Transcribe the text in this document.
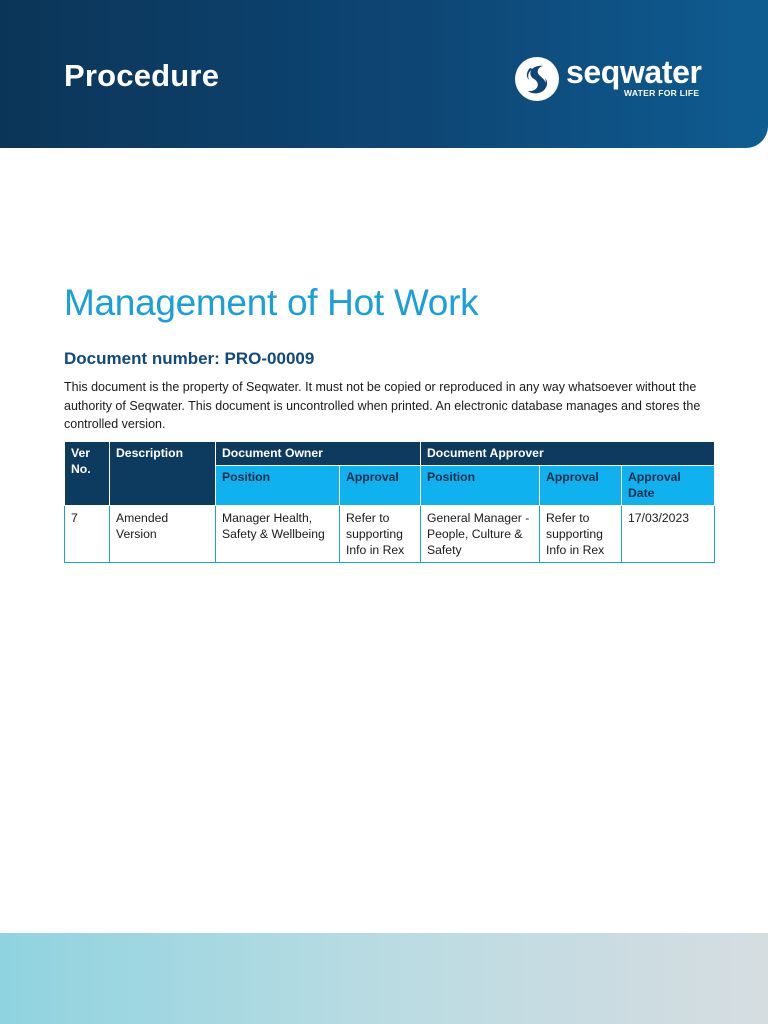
Procedure	seqwater
WATER FOR LIFE
Management of Hot Work
Document number: PRO-00009
This document is the property of Seqwater. It must not be copied or reproduced in any way whatsoever without the authority of Seqwater. This document is uncontrolled when printed. An electronic database manages and stores the controlled version.
Ver No.	Description	Document Owner		Document Approver		
		Position	Approval	Position	Approval	Approval Date
7	Amended Version	Manager Health, Safety & Wellbeing	Refer to supporting Info in Rex	General Manager - People, Culture & Safety	Refer to supporting Info in Rex	17/03/2023
